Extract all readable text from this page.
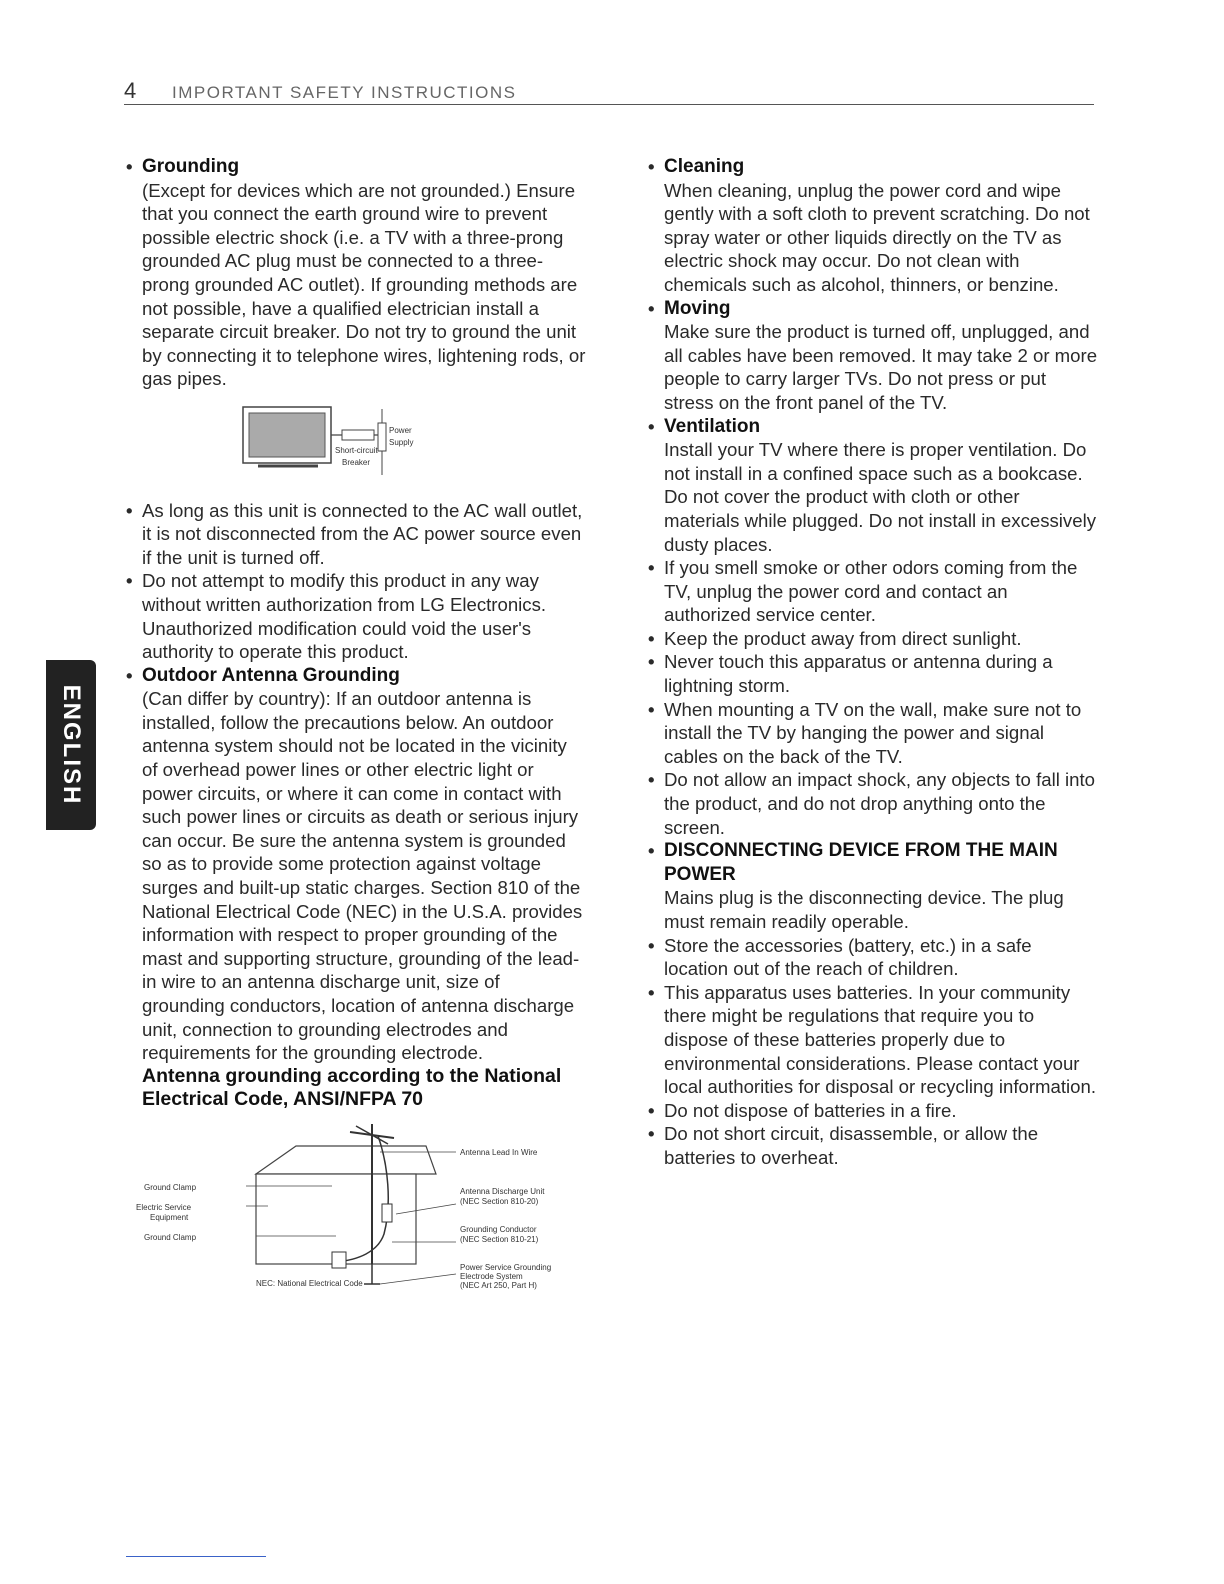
4 IMPORTANT SAFETY INSTRUCTIONS
ENGLISH
• Grounding
(Except for devices which are not grounded.) Ensure that you connect the earth ground wire to prevent possible electric shock (i.e. a TV with a three-prong grounded AC plug must be connected to a three-prong grounded AC outlet). If grounding methods are not possible, have a qualified electrician install a separate circuit breaker. Do not try to ground the unit by connecting it to telephone wires, lightening rods, or gas pipes.
Short-circuit
Breaker
Power
Supply
• As long as this unit is connected to the AC wall outlet, it is not disconnected from the AC power source even if the unit is turned off.
• Do not attempt to modify this product in any way without written authorization from LG Electronics. Unauthorized modification could void the user's authority to operate this product.
• Outdoor Antenna Grounding
(Can differ by country): If an outdoor antenna is installed, follow the precautions below. An outdoor antenna system should not be located in the vicinity of overhead power lines or other electric light or power circuits, or where it can come in contact with such power lines or circuits as death or serious injury can occur. Be sure the antenna system is grounded so as to provide some protection against voltage surges and built-up static charges. Section 810 of the National Electrical Code (NEC) in the U.S.A. provides information with respect to proper grounding of the mast and supporting structure, grounding of the lead-in wire to an antenna discharge unit, size of grounding conductors, location of antenna discharge unit, connection to grounding electrodes and requirements for the grounding electrode.
Antenna grounding according to the National Electrical Code, ANSI/NFPA 70
Antenna Lead In Wire
Antenna Discharge Unit
(NEC Section 810-20)
Grounding Conductor
(NEC Section 810-21)
Power Service Grounding
Electrode System
(NEC Art 250, Part H)
Ground Clamp
Electric Service
Equipment
Ground Clamp
NEC: National Electrical Code
• Cleaning
When cleaning, unplug the power cord and wipe gently with a soft cloth to prevent scratching. Do not spray water or other liquids directly on the TV as electric shock may occur. Do not clean with chemicals such as alcohol, thinners, or benzine.
• Moving
Make sure the product is turned off, unplugged, and all cables have been removed. It may take 2 or more people to carry larger TVs. Do not press or put stress on the front panel of the TV.
• Ventilation
Install your TV where there is proper ventilation. Do not install in a confined space such as a bookcase. Do not cover the product with cloth or other materials while plugged. Do not install in excessively dusty places.
• If you smell smoke or other odors coming from the TV, unplug the power cord and contact an authorized service center.
• Keep the product away from direct sunlight.
• Never touch this apparatus or antenna during a lightning storm.
• When mounting a TV on the wall, make sure not to install the TV by hanging the power and signal cables on the back of the TV.
• Do not allow an impact shock, any objects to fall into the product, and do not drop anything onto the screen.
• DISCONNECTING DEVICE FROM THE MAIN POWER
Mains plug is the disconnecting device. The plug must remain readily operable.
• Store the accessories (battery, etc.) in a safe location out of the reach of children.
• This apparatus uses batteries. In your community there might be regulations that require you to dispose of these batteries properly due to environmental considerations. Please contact your local authorities for disposal or recycling information.
• Do not dispose of batteries in a fire.
• Do not short circuit, disassemble, or allow the batteries to overheat.
